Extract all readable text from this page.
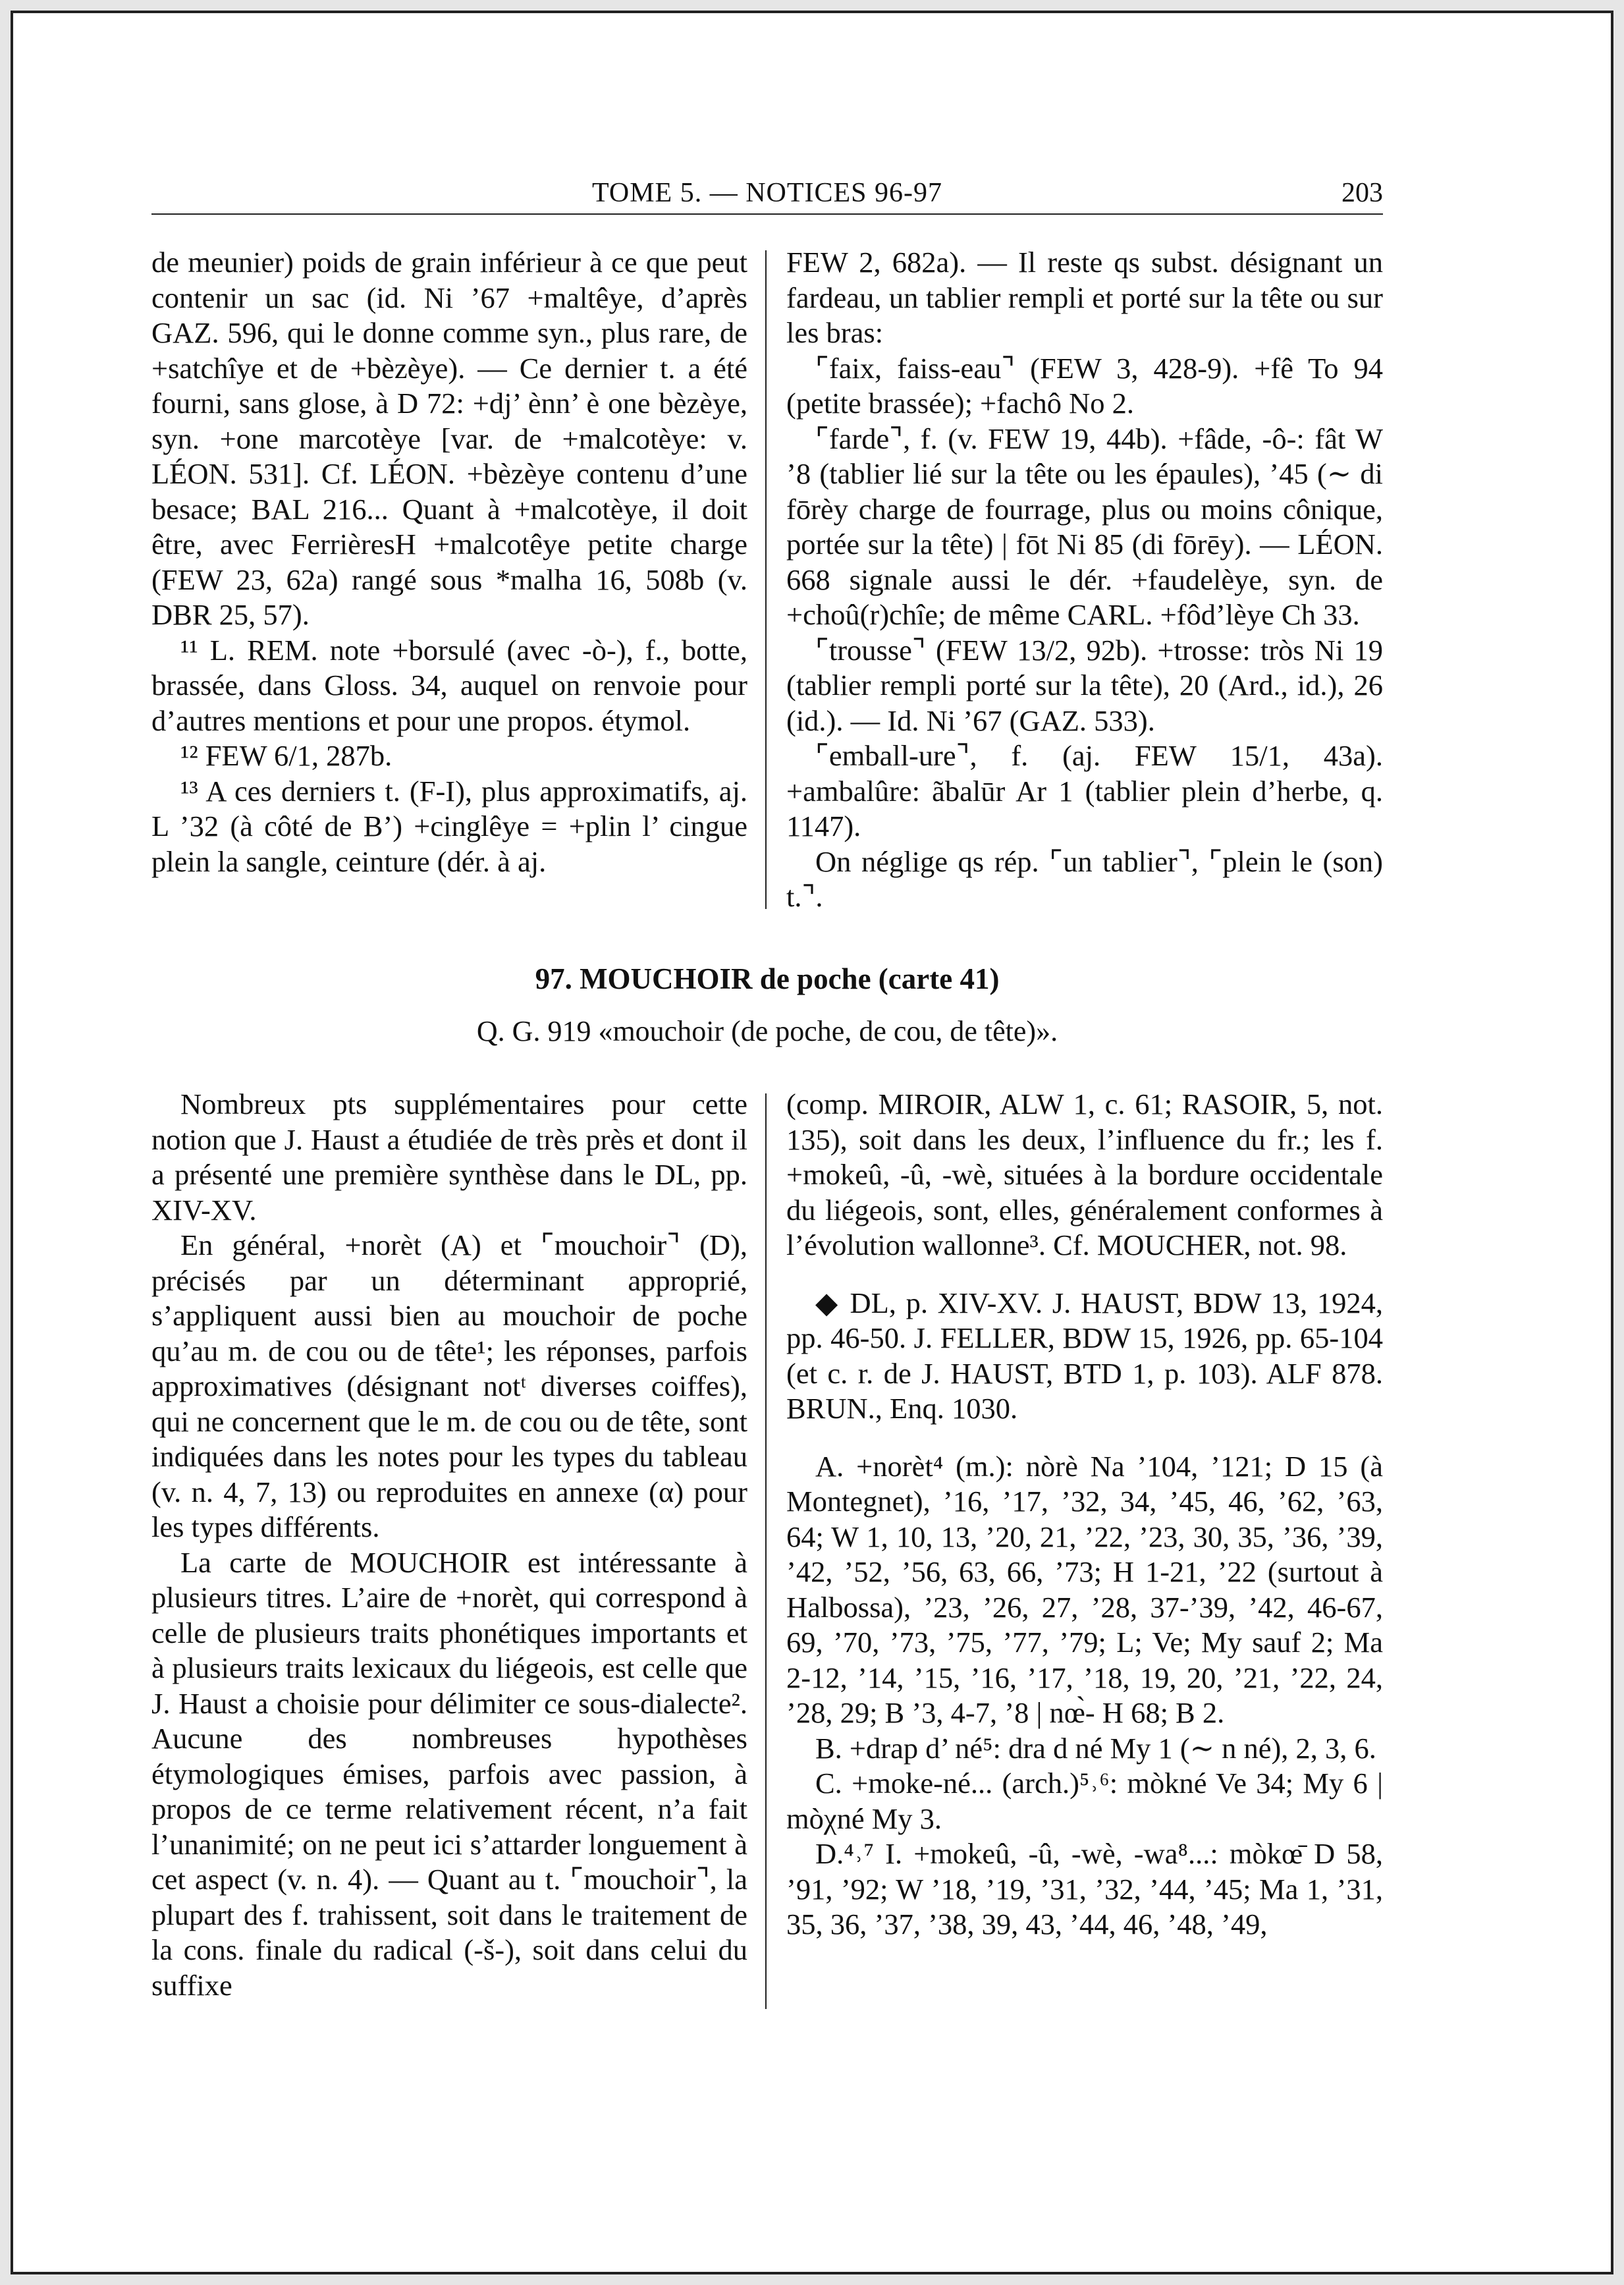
TOME 5. — NOTICES 96-97	203

de meunier) poids de grain inférieur à ce que peut contenir un sac (id. Ni ’67 +maltêye, d’après GAZ. 596, qui le donne comme syn., plus rare, de +satchîye et de +bèzèye). — Ce dernier t. a été fourni, sans glose, à D 72: +dj’ ènn’ è one bèzèye, syn. +one marcotèye [var. de +malcotèye: v. LÉON. 531]. Cf. LÉON. +bèzèye contenu d’une besace; BAL 216... Quant à +malcotèye, il doit être, avec FerrièresH +malcotêye petite charge (FEW 23, 62a) rangé sous *malha 16, 508b (v. DBR 25, 57).

¹¹ L. REM. note +borsulé (avec -ò-), f., botte, brassée, dans Gloss. 34, auquel on renvoie pour d’autres mentions et pour une propos. étymol.

¹² FEW 6/1, 287b.

¹³ A ces derniers t. (F-I), plus approximatifs, aj. L ’32 (à côté de B’) +cinglêye = +plin l’ cingue plein la sangle, ceinture (dér. à aj.

FEW 2, 682a). — Il reste qs subst. désignant un fardeau, un tablier rempli et porté sur la tête ou sur les bras:

⌜faix, faiss-eau⌝ (FEW 3, 428-9). +fê To 94 (petite brassée); +fachô No 2.

⌜farde⌝, f. (v. FEW 19, 44b). +fâde, -ô-: fât W ’8 (tablier lié sur la tête ou les épaules), ’45 (∼ di fōrèy charge de fourrage, plus ou moins cônique, portée sur la tête) | fōt Ni 85 (di fōrēy). — LÉON. 668 signale aussi le dér. +faudelèye, syn. de +choû(r)chîe; de même CARL. +fôd’lèye Ch 33.

⌜trousse⌝ (FEW 13/2, 92b). +trosse: tròs Ni 19 (tablier rempli porté sur la tête), 20 (Ard., id.), 26 (id.). — Id. Ni ’67 (GAZ. 533).

⌜emball-ure⌝, f. (aj. FEW 15/1, 43a). +ambalûre: ãbalūr Ar 1 (tablier plein d’herbe, q. 1147).

On néglige qs rép. ⌜un tablier⌝, ⌜plein le (son) t.⌝.

97. MOUCHOIR de poche (carte 41)
Q. G. 919 «mouchoir (de poche, de cou, de tête)».

Nombreux pts supplémentaires pour cette notion que J. Haust a étudiée de très près et dont il a présenté une première synthèse dans le DL, pp. XIV-XV.

En général, +norèt (A) et ⌜mouchoir⌝ (D), précisés par un déterminant approprié, s’appliquent aussi bien au mouchoir de poche qu’au m. de cou ou de tête¹; les réponses, parfois approximatives (désignant notᵗ diverses coiffes), qui ne concernent que le m. de cou ou de tête, sont indiquées dans les notes pour les types du tableau (v. n. 4, 7, 13) ou reproduites en annexe (α) pour les types différents.

La carte de MOUCHOIR est intéressante à plusieurs titres. L’aire de +norèt, qui correspond à celle de plusieurs traits phonétiques importants et à plusieurs traits lexicaux du liégeois, est celle que J. Haust a choisie pour délimiter ce sous-dialecte². Aucune des nombreuses hypothèses étymologiques émises, parfois avec passion, à propos de ce terme relativement récent, n’a fait l’unanimité; on ne peut ici s’attarder longuement à cet aspect (v. n. 4). — Quant au t. ⌜mouchoir⌝, la plupart des f. trahissent, soit dans le traitement de la cons. finale du radical (-š-), soit dans celui du suffixe

(comp. MIROIR, ALW 1, c. 61; RASOIR, 5, not. 135), soit dans les deux, l’influence du fr.; les f. +mokeû, -û, -wè, situées à la bordure occidentale du liégeois, sont, elles, généralement conformes à l’évolution wallonne³. Cf. MOUCHER, not. 98.

◆ DL, p. XIV-XV. J. HAUST, BDW 13, 1924, pp. 46-50. J. FELLER, BDW 15, 1926, pp. 65-104 (et c. r. de J. HAUST, BTD 1, p. 103). ALF 878. BRUN., Enq. 1030.

A. +norèt⁴ (m.): nòrè Na ’104, ’121; D 15 (à Montegnet), ’16, ’17, ’32, 34, ’45, 46, ’62, ’63, 64; W 1, 10, 13, ’20, 21, ’22, ’23, 30, 35, ’36, ’39, ’42, ’52, ’56, 63, 66, ’73; H 1-21, ’22 (surtout à Halbossa), ’23, ’26, 27, ’28, 37-’39, ’42, 46-67, 69, ’70, ’73, ’75, ’77, ’79; L; Ve; My sauf 2; Ma 2-12, ’14, ’15, ’16, ’17, ’18, 19, 20, ’21, ’22, 24, ’28, 29; B ’3, 4-7, ’8 | nœ̀- H 68; B 2.

B. +drap d’ né⁵: dra d né My 1 (∼ n né), 2, 3, 6.

C. +moke-né... (arch.)⁵˒⁶: mòkné Ve 34; My 6 | mòχné My 3.

D.⁴˒⁷ I. +mokeû, -û, -wè, -wa⁸...: mòkœ̄ D 58, ’91, ’92; W ’18, ’19, ’31, ’32, ’44, ’45; Ma 1, ’31, 35, 36, ’37, ’38, 39, 43, ’44, 46, ’48, ’49,
